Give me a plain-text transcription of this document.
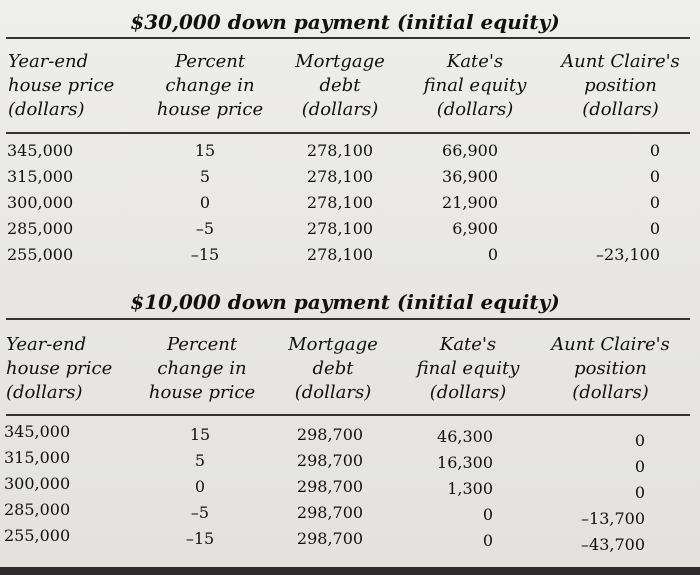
$30,000 down payment (initial equity)
Year-end
house price
(dollars)
Percent
change in
house price
Mortgage
debt
(dollars)
Kate's
final equity
(dollars)
Aunt Claire's
position
(dollars)
345,000
315,000
300,000
285,000
255,000
15
5
0
–5
–15
278,100
278,100
278,100
278,100
278,100
66,900
36,900
21,900
6,900
0
0
0
0
0
–23,100
$10,000 down payment (initial equity)
Year-end
house price
(dollars)
Percent
change in
house price
Mortgage
debt
(dollars)
Kate's
final equity
(dollars)
Aunt Claire's
position
(dollars)
345,000
315,000
300,000
285,000
255,000
15
5
0
–5
–15
298,700
298,700
298,700
298,700
298,700
46,300
16,300
1,300
0
0
0
0
0
–13,700
–43,700
